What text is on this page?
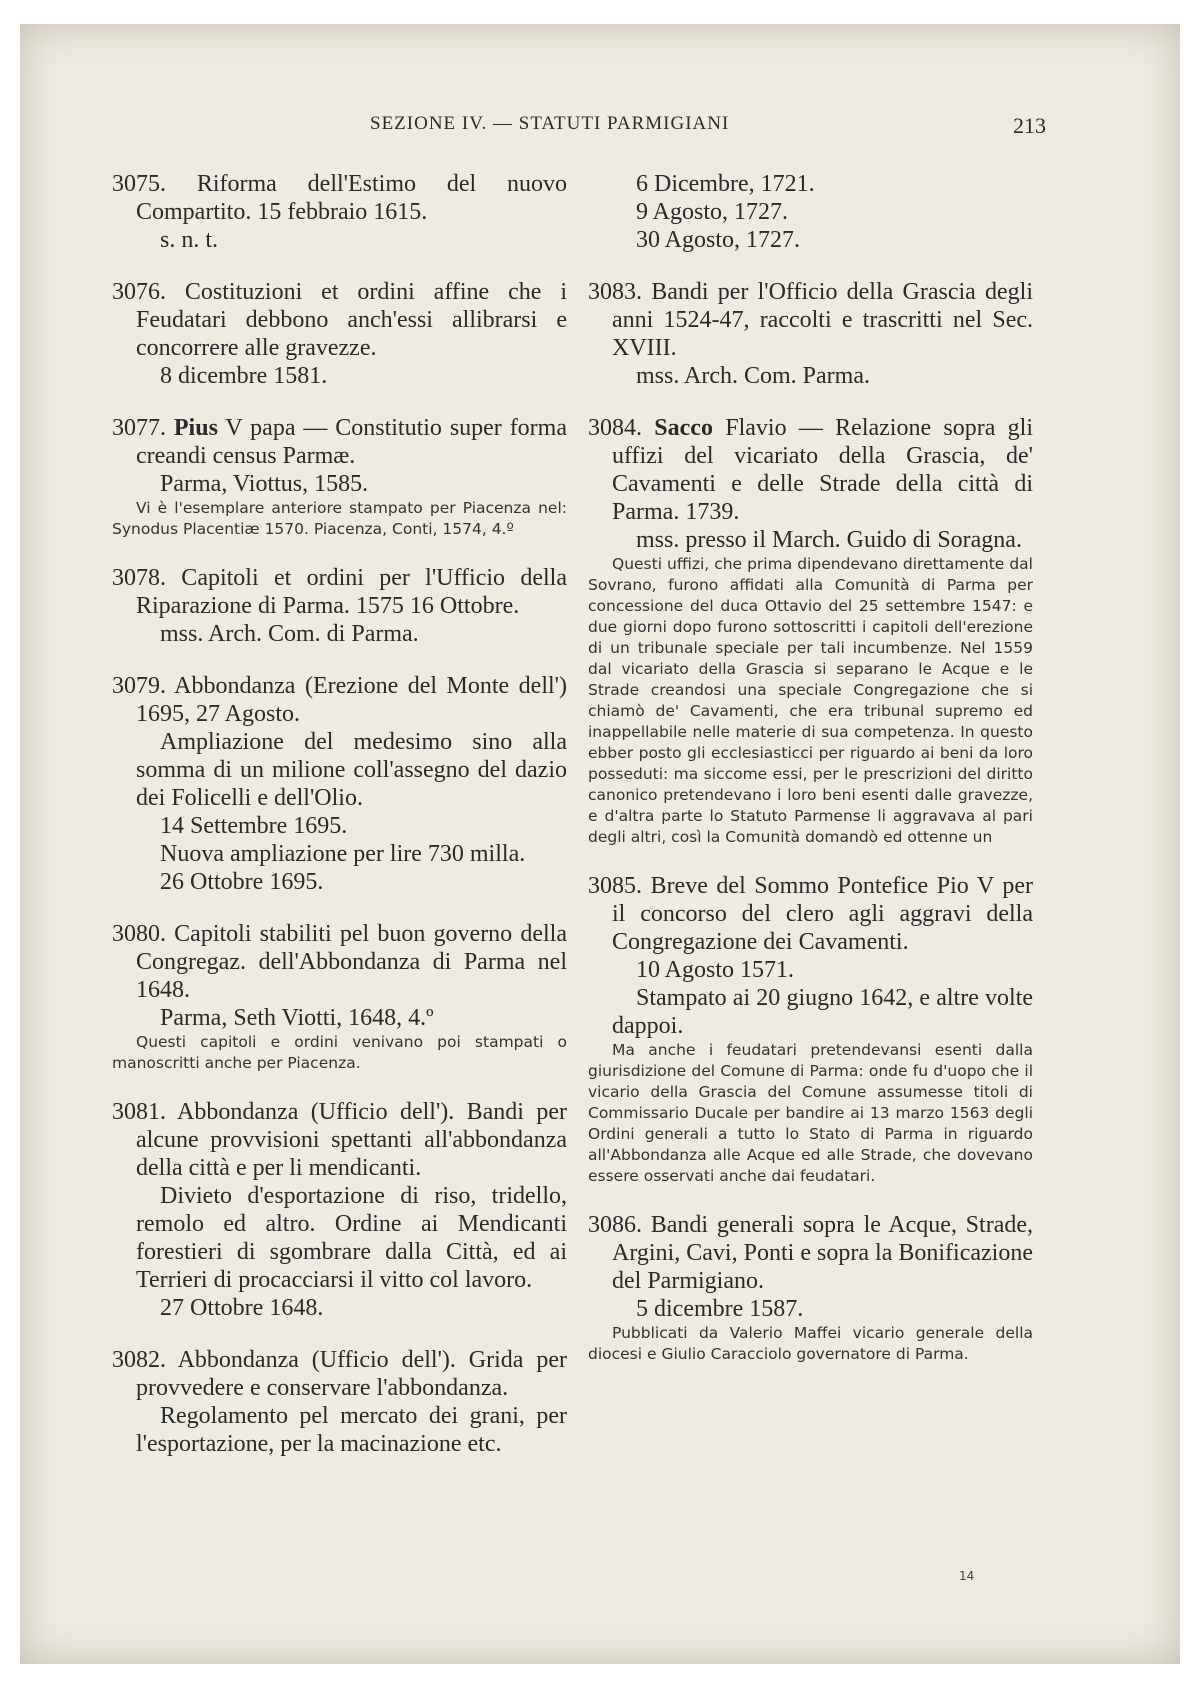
SEZIONE IV. — STATUTI PARMIGIANI	213

3075. Riforma dell'Estimo del nuovo Compartito. 15 febbraio 1615.

s. n. t.

3076. Costituzioni et ordini affine che i Feudatari debbono anch'essi allibrarsi e concorrere alle gravezze.

8 dicembre 1581.

3077. Pius V papa — Constitutio super forma creandi census Parmæ.

Parma, Viottus, 1585.

Vi è l'esemplare anteriore stampato per Piacenza nel: Synodus Placentiæ 1570. Piacenza, Conti, 1574, 4.º

3078. Capitoli et ordini per l'Ufficio della Riparazione di Parma. 1575 16 Ottobre.

mss. Arch. Com. di Parma.

3079. Abbondanza (Erezione del Monte dell') 1695, 27 Agosto.

Ampliazione del medesimo sino alla somma di un milione coll'assegno del dazio dei Folicelli e dell'Olio.

14 Settembre 1695.

Nuova ampliazione per lire 730 milla.

26 Ottobre 1695.

3080. Capitoli stabiliti pel buon governo della Congregaz. dell'Abbondanza di Parma nel 1648.

Parma, Seth Viotti, 1648, 4.º

Questi capitoli e ordini venivano poi stampati o manoscritti anche per Piacenza.

3081. Abbondanza (Ufficio dell'). Bandi per alcune provvisioni spettanti all'abbondanza della città e per li mendicanti.

Divieto d'esportazione di riso, tridello, remolo ed altro. Ordine ai Mendicanti forestieri di sgombrare dalla Città, ed ai Terrieri di procacciarsi il vitto col lavoro.

27 Ottobre 1648.

3082. Abbondanza (Ufficio dell'). Grida per provvedere e conservare l'abbondanza.

Regolamento pel mercato dei grani, per l'esportazione, per la macinazione etc.

6 Dicembre, 1721.

9 Agosto, 1727.

30 Agosto, 1727.

3083. Bandi per l'Officio della Grascia degli anni 1524-47, raccolti e trascritti nel Sec. XVIII.

mss. Arch. Com. Parma.

3084. Sacco Flavio — Relazione sopra gli uffizi del vicariato della Grascia, de' Cavamenti e delle Strade della città di Parma. 1739.

mss. presso il March. Guido di Soragna.

Questi uffizi, che prima dipendevano direttamente dal Sovrano, furono affidati alla Comunità di Parma per concessione del duca Ottavio del 25 settembre 1547: e due giorni dopo furono sottoscritti i capitoli dell'erezione di un tribunale speciale per tali incumbenze. Nel 1559 dal vicariato della Grascia si separano le Acque e le Strade creandosi una speciale Congregazione che si chiamò de' Cavamenti, che era tribunal supremo ed inappellabile nelle materie di sua competenza. In questo ebber posto gli ecclesiasticci per riguardo ai beni da loro posseduti: ma siccome essi, per le prescrizioni del diritto canonico pretendevano i loro beni esenti dalle gravezze, e d'altra parte lo Statuto Parmense li aggravava al pari degli altri, così la Comunità domandò ed ottenne un

3085. Breve del Sommo Pontefice Pio V per il concorso del clero agli aggravi della Congregazione dei Cavamenti.

10 Agosto 1571.

Stampato ai 20 giugno 1642, e altre volte dappoi.

Ma anche i feudatari pretendevansi esenti dalla giurisdizione del Comune di Parma: onde fu d'uopo che il vicario della Grascia del Comune assumesse titoli di Commissario Ducale per bandire ai 13 marzo 1563 degli Ordini generali a tutto lo Stato di Parma in riguardo all'Abbondanza alle Acque ed alle Strade, che dovevano essere osservati anche dai feudatari.

3086. Bandi generali sopra le Acque, Strade, Argini, Cavi, Ponti e sopra la Bonificazione del Parmigiano.

5 dicembre 1587.

Pubblicati da Valerio Maffei vicario generale della diocesi e Giulio Caracciolo governatore di Parma.

14
